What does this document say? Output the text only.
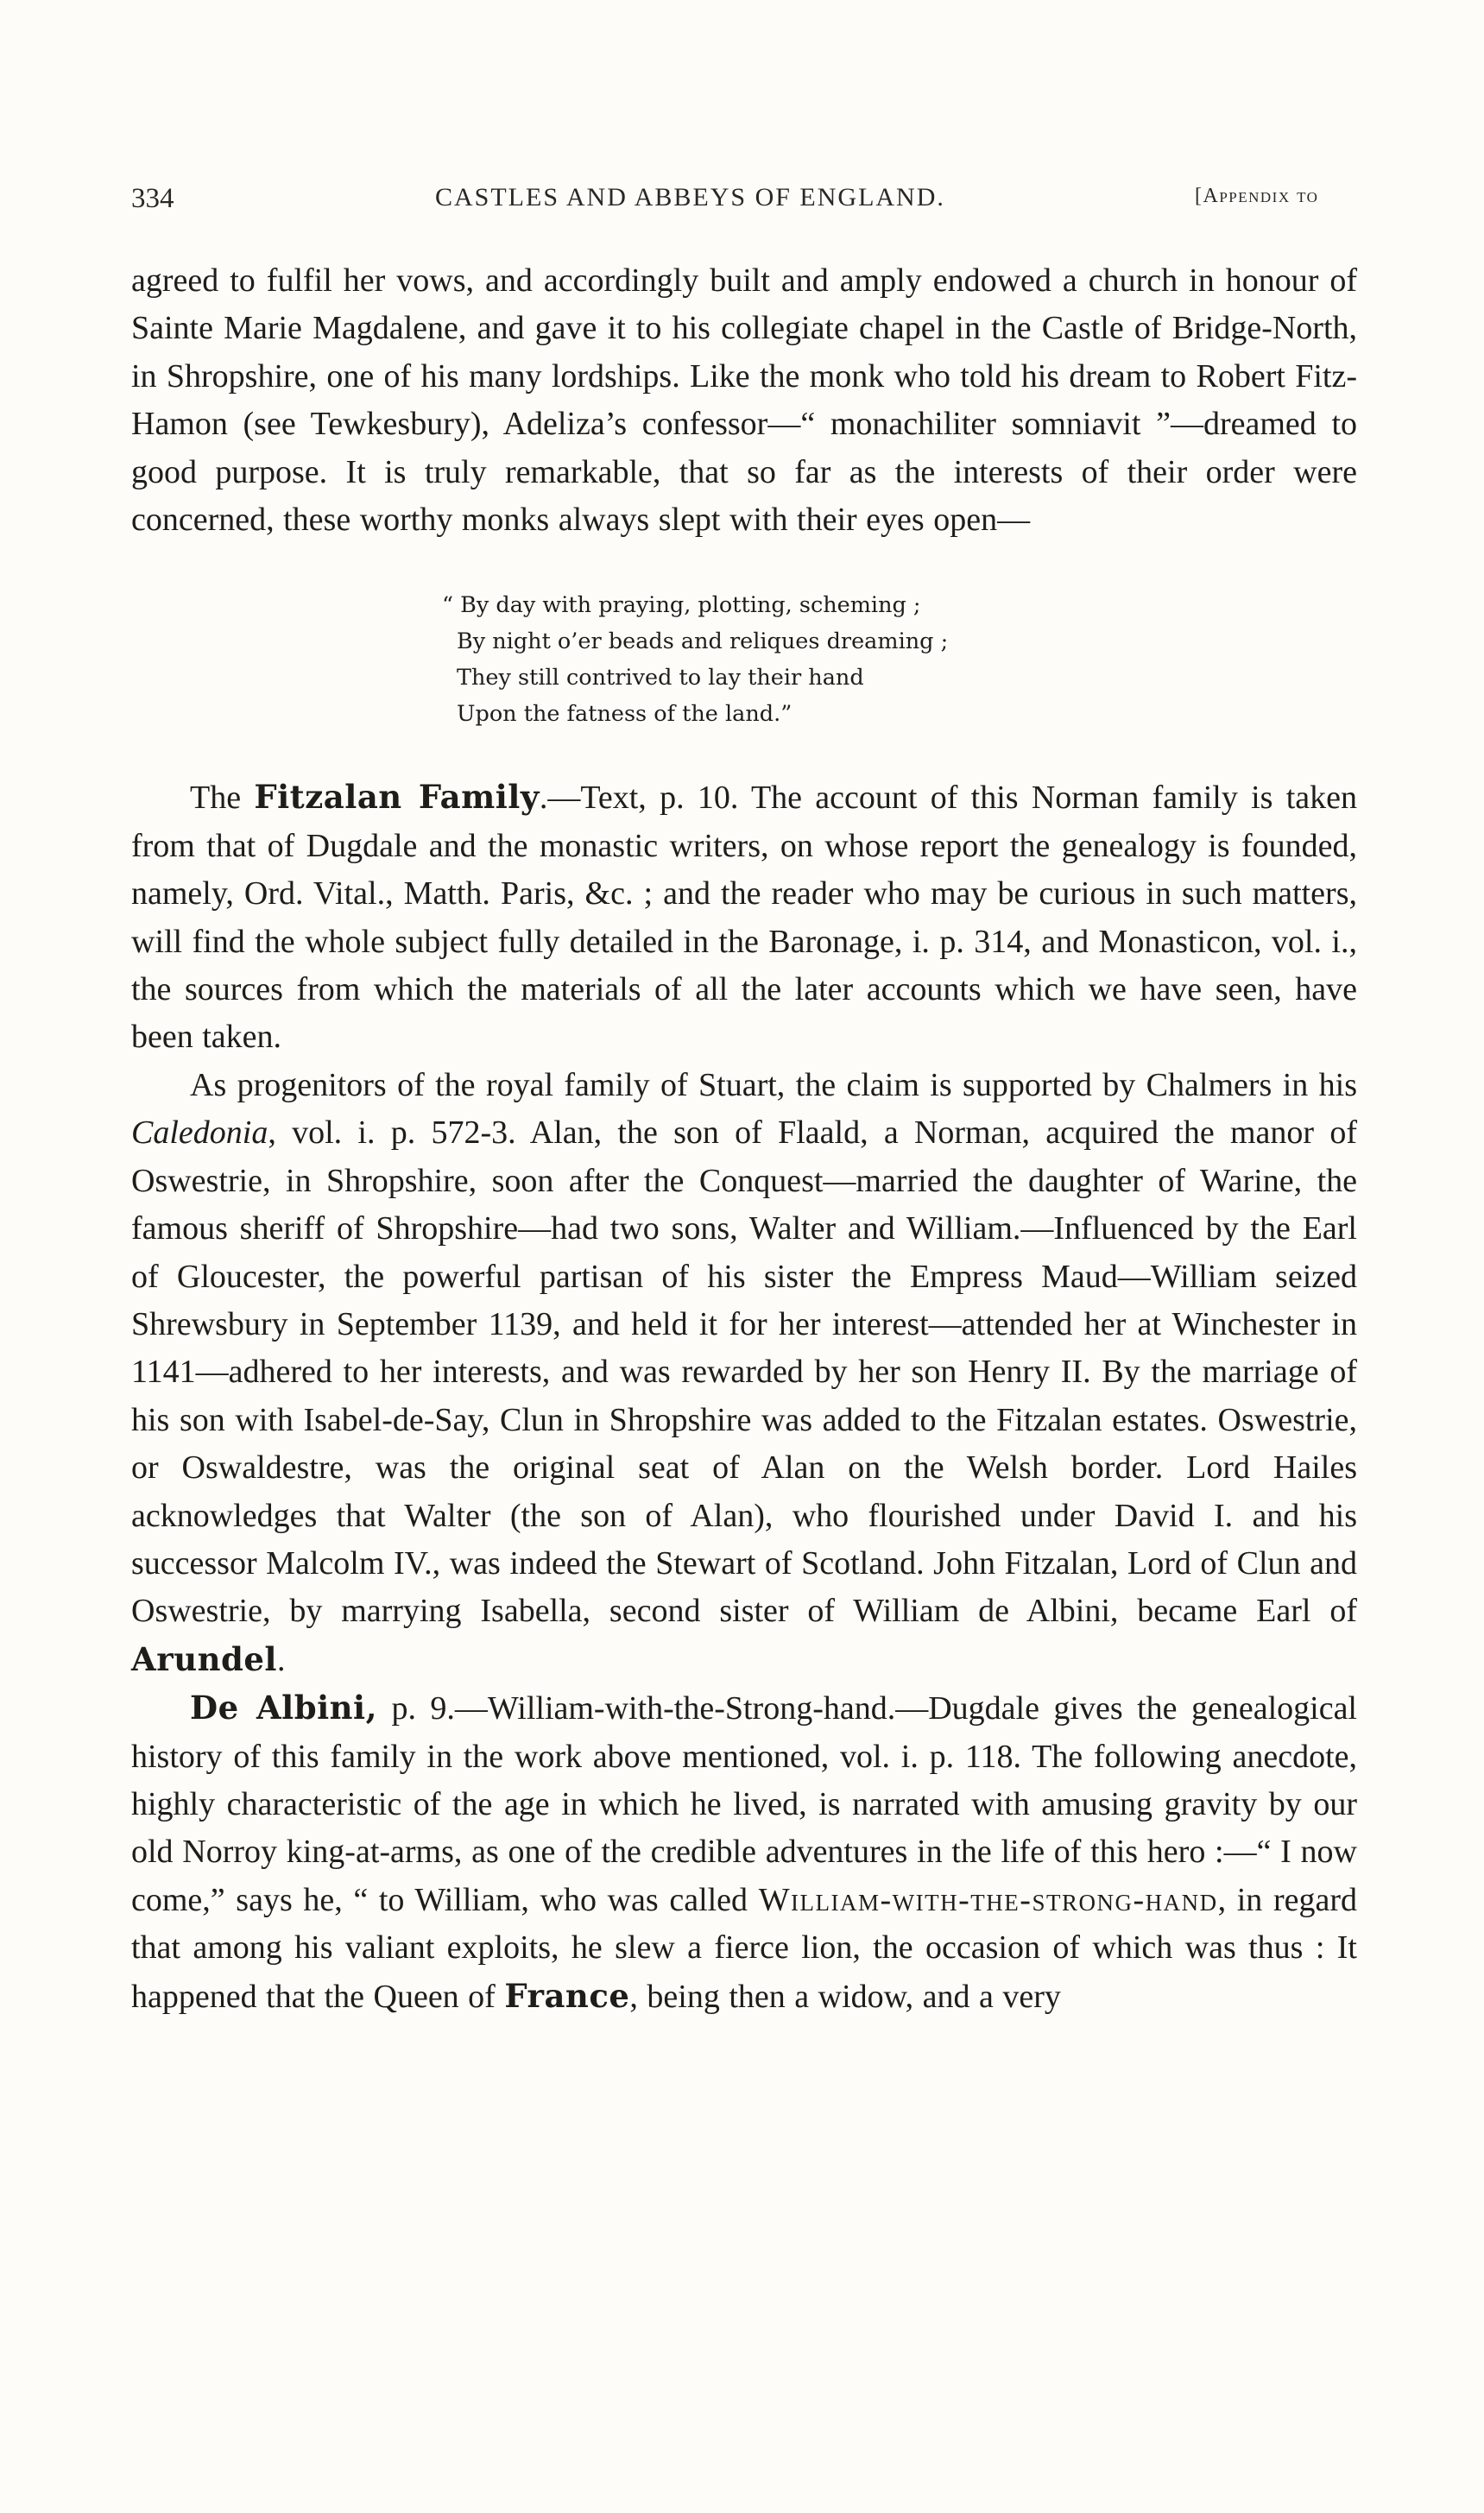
334	CASTLES AND ABBEYS OF ENGLAND.	[Appendix to

agreed to fulfil her vows, and accordingly built and amply endowed a church in honour of Sainte Marie Magdalene, and gave it to his collegiate chapel in the Castle of Bridge-North, in Shropshire, one of his many lordships. Like the monk who told his dream to Robert Fitz-Hamon (see Tewkesbury), Adeliza’s confessor—“ monachiliter somniavit ”—dreamed to good purpose. It is truly remarkable, that so far as the interests of their order were concerned, these worthy monks always slept with their eyes open—

“ By day with praying, plotting, scheming ;
By night o’er beads and reliques dreaming ;
They still contrived to lay their hand
Upon the fatness of the land.”

The Fitzalan Family.—Text, p. 10. The account of this Norman family is taken from that of Dugdale and the monastic writers, on whose report the genealogy is founded, namely, Ord. Vital., Matth. Paris, &c. ; and the reader who may be curious in such matters, will find the whole subject fully detailed in the Baronage, i. p. 314, and Monasticon, vol. i., the sources from which the materials of all the later accounts which we have seen, have been taken.

As progenitors of the royal family of Stuart, the claim is supported by Chalmers in his Caledonia, vol. i. p. 572-3. Alan, the son of Flaald, a Norman, acquired the manor of Oswestrie, in Shropshire, soon after the Conquest—married the daughter of Warine, the famous sheriff of Shropshire—had two sons, Walter and William.—Influenced by the Earl of Gloucester, the powerful partisan of his sister the Empress Maud—William seized Shrewsbury in September 1139, and held it for her interest—attended her at Winchester in 1141—adhered to her interests, and was rewarded by her son Henry II. By the marriage of his son with Isabel-de-Say, Clun in Shropshire was added to the Fitzalan estates. Oswestrie, or Oswaldestre, was the original seat of Alan on the Welsh border. Lord Hailes acknowledges that Walter (the son of Alan), who flourished under David I. and his successor Malcolm IV., was indeed the Stewart of Scotland. John Fitzalan, Lord of Clun and Oswestrie, by marrying Isabella, second sister of William de Albini, became Earl of Arundel.

De Albini, p. 9.—William-with-the-Strong-hand.—Dugdale gives the genealogical history of this family in the work above mentioned, vol. i. p. 118. The following anecdote, highly characteristic of the age in which he lived, is narrated with amusing gravity by our old Norroy king-at-arms, as one of the credible adventures in the life of this hero :—“ I now come,” says he, “ to William, who was called William-with-the-strong-hand, in regard that among his valiant exploits, he slew a fierce lion, the occasion of which was thus : It happened that the Queen of France, being then a widow, and a very
